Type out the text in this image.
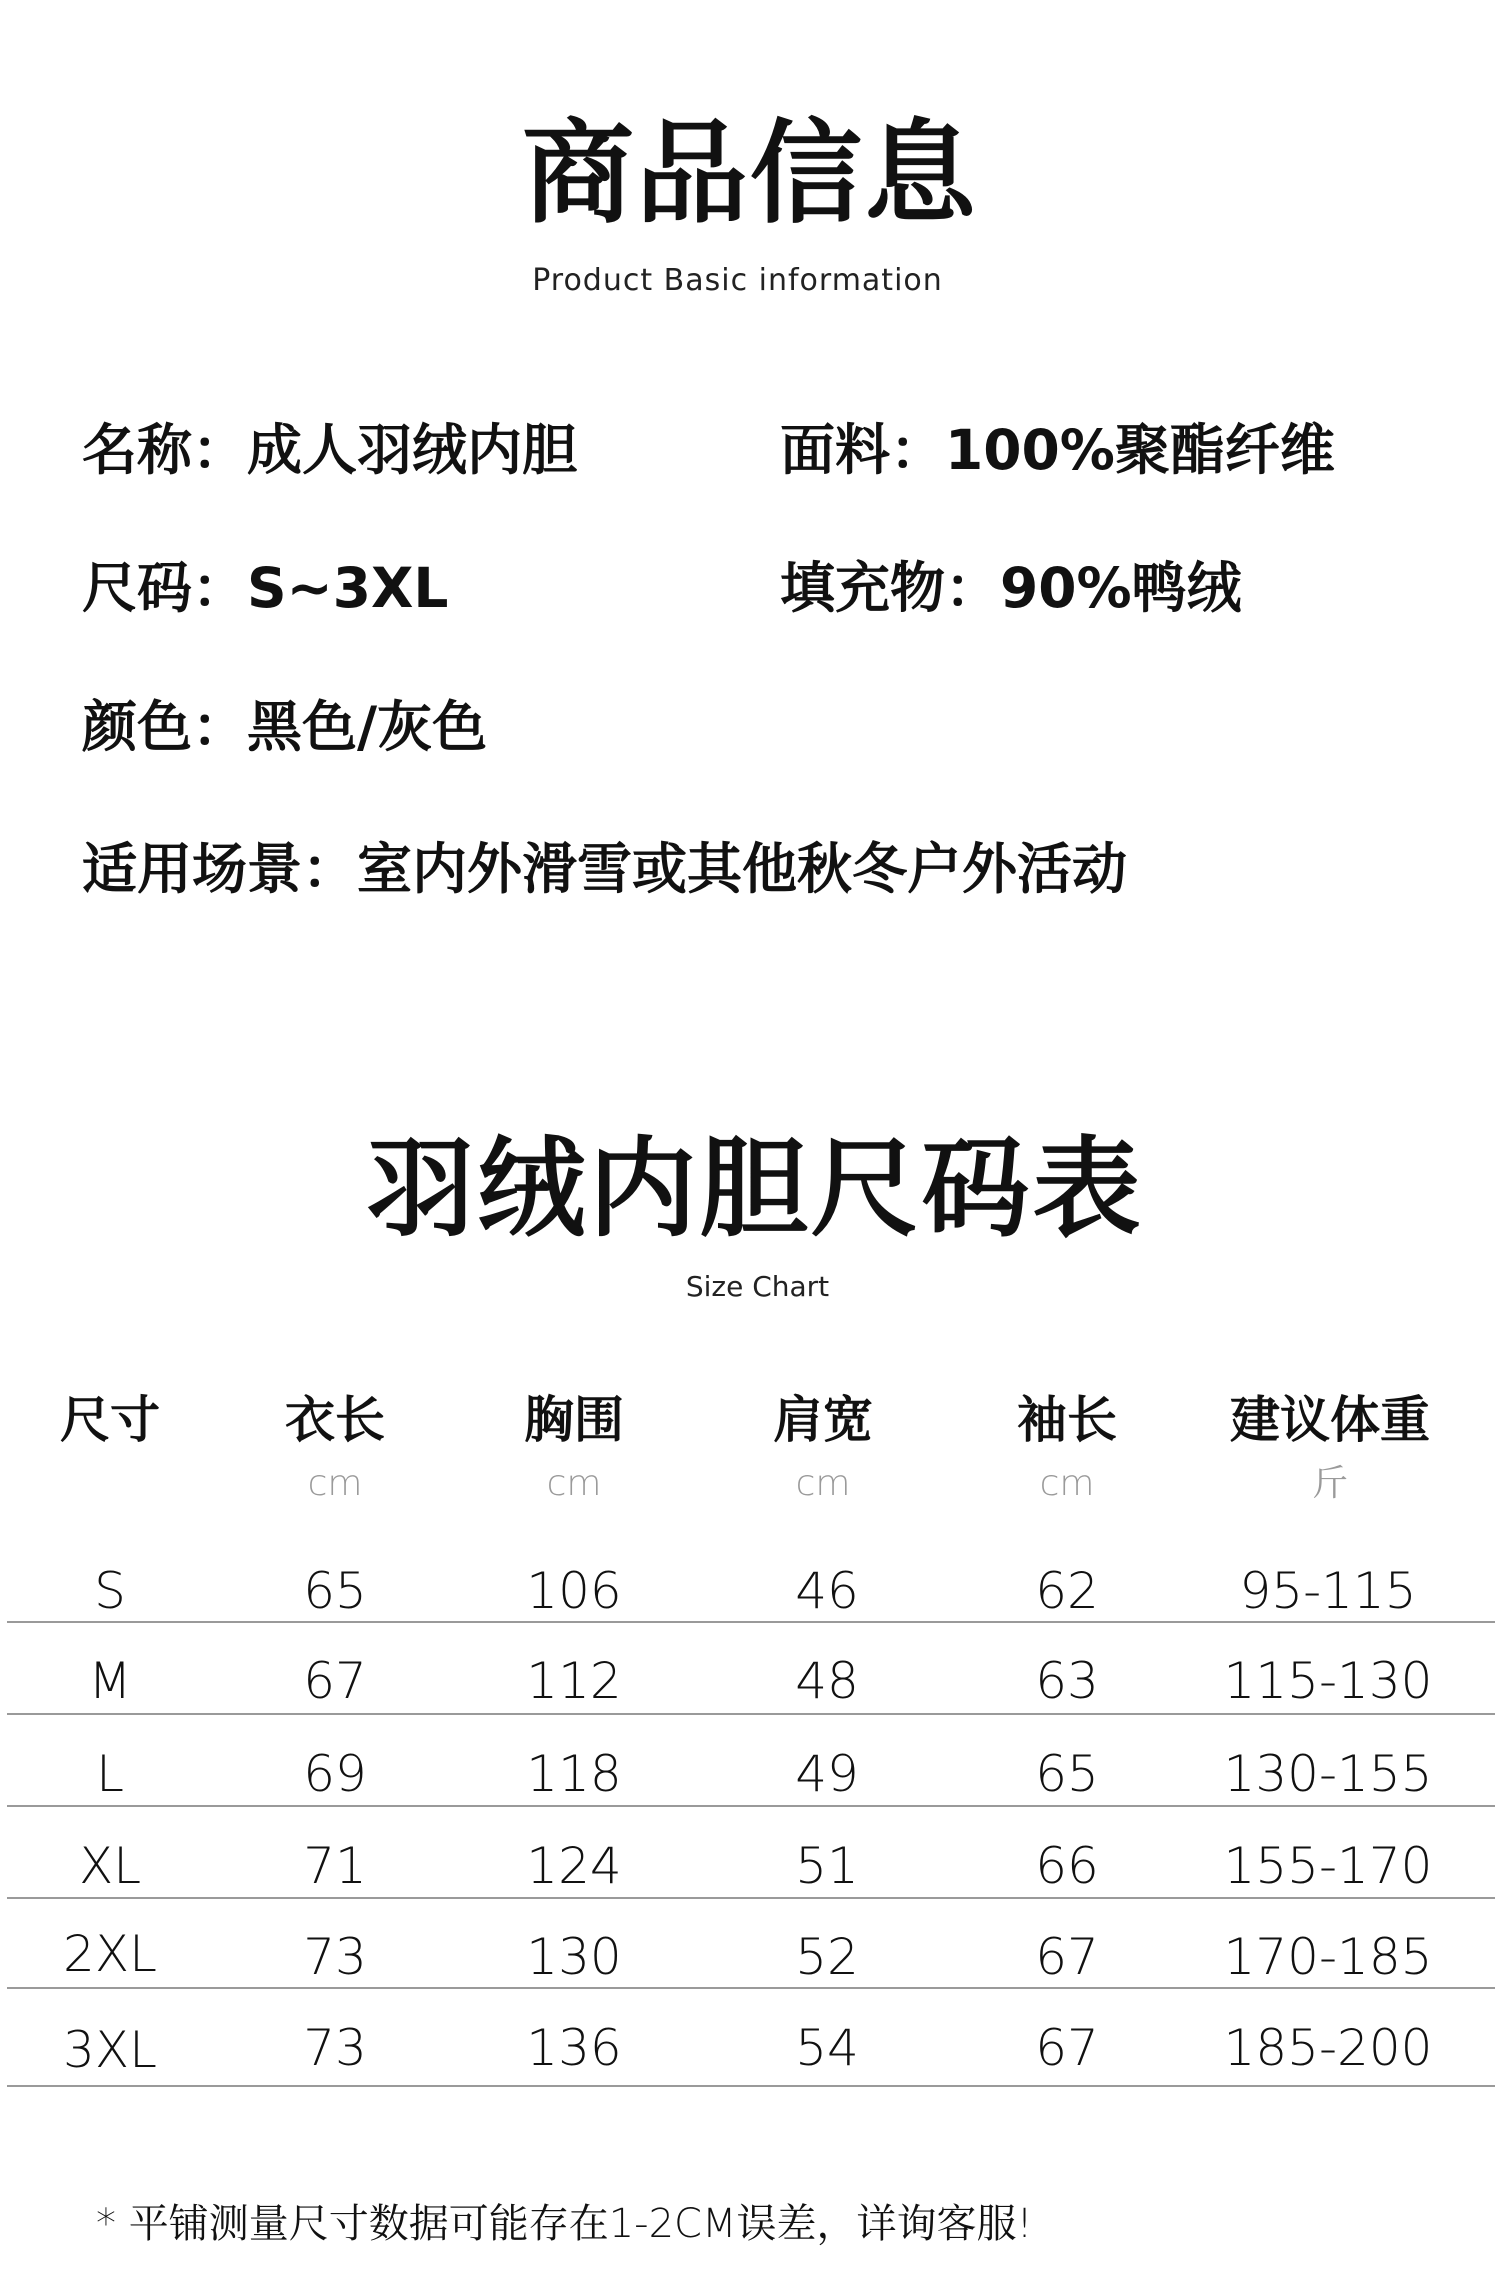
商品信息
Product Basic information
名称：成人羽绒内胆	面料：100%聚酯纤维
尺码：S~3XL	填充物：90%鸭绒
颜色：黑色/灰色
适用场景：室内外滑雪或其他秋冬户外活动
羽绒内胆尺码表
Size Chart
尺寸	衣长	胸围	肩宽	袖长 建议体重
cm	cm	cm	cm	斤
S	65	106	46	62	95-115
M	67	112	48	63 115-130
L	69	118	49	65 130-155
XL	71	124	51	66 155-170
2XL	73	130	52	67 170-185
3XL	73	136	54	67 185-200
* 平铺测量尺寸数据可能存在1-2CM误差，详询客服!
